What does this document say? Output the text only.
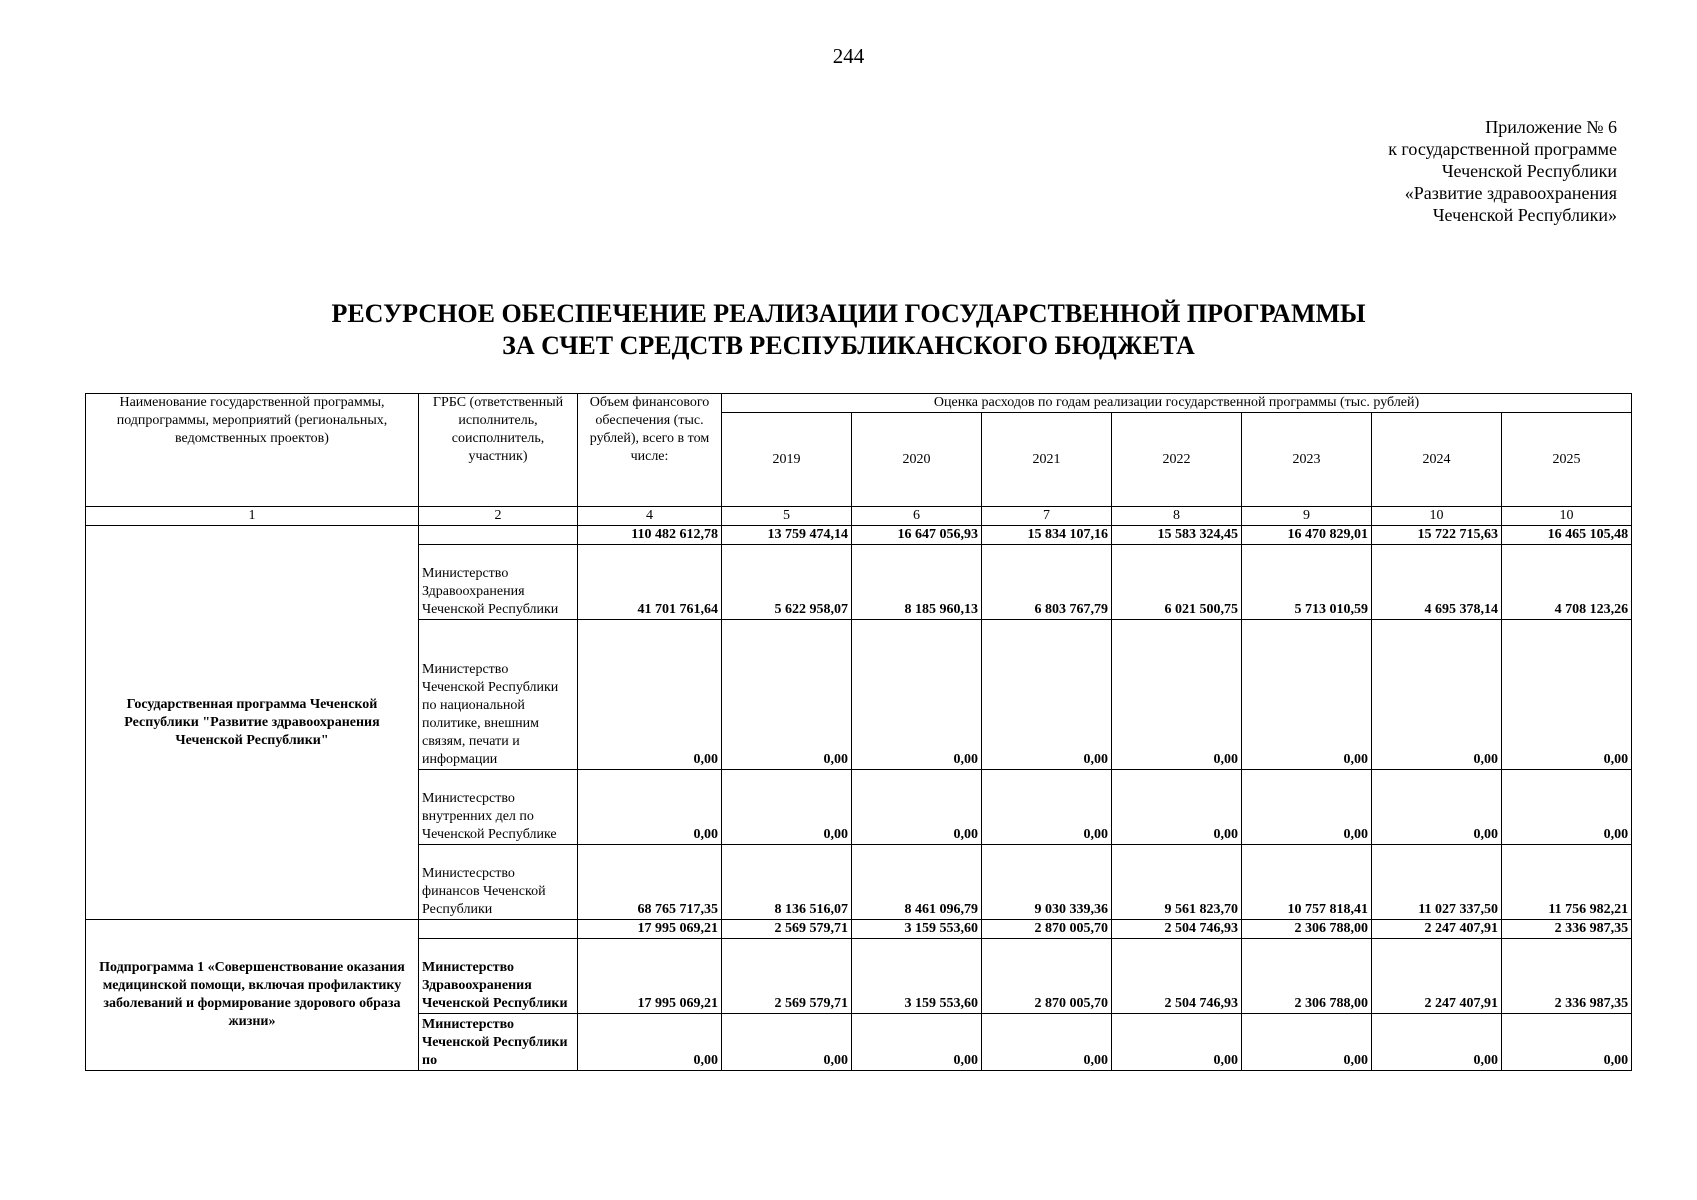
244
Приложение № 6
к государственной программе
Чеченской Республики
«Развитие здравоохранения
Чеченской Республики»
РЕСУРСНОЕ ОБЕСПЕЧЕНИЕ РЕАЛИЗАЦИИ ГОСУДАРСТВЕННОЙ ПРОГРАММЫ
ЗА СЧЕТ СРЕДСТВ РЕСПУБЛИКАНСКОГО БЮДЖЕТА
Наименование государственной программы, подпрограммы, мероприятий (региональных, ведомственных проектов)	ГРБС (ответственный исполнитель, соисполнитель, участник)	Объем финансового обеспечения (тыс. рублей), всего в том числе:	Оценка расходов по годам реализации государственной программы (тыс. рублей)						
			2019	2020	2021	2022	2023	2024	2025
1	2	4	5	6	7	8	9	10	10
Государственная программа Чеченской Республики "Развитие здравоохранения Чеченской Республики"		110 482 612,78	13 759 474,14	16 647 056,93	15 834 107,16	15 583 324,45	16 470 829,01	15 722 715,63	16 465 105,48
	Министерство Здравоохранения Чеченской Республики	41 701 761,64	5 622 958,07	8 185 960,13	6 803 767,79	6 021 500,75	5 713 010,59	4 695 378,14	4 708 123,26
	Министерство Чеченской Республики по национальной политике, внешним связям, печати и информации	0,00	0,00	0,00	0,00	0,00	0,00	0,00	0,00
	Министесрство внутренних дел по Чеченской Республике	0,00	0,00	0,00	0,00	0,00	0,00	0,00	0,00
	Министесрство финансов Чеченской Республики	68 765 717,35	8 136 516,07	8 461 096,79	9 030 339,36	9 561 823,70	10 757 818,41	11 027 337,50	11 756 982,21
Подпрограмма 1 «Совершенствование оказания медицинской помощи, включая профилактику заболеваний и формирование здорового образа жизни»		17 995 069,21	2 569 579,71	3 159 553,60	2 870 005,70	2 504 746,93	2 306 788,00	2 247 407,91	2 336 987,35
	Министерство Здравоохранения Чеченской Республики	17 995 069,21	2 569 579,71	3 159 553,60	2 870 005,70	2 504 746,93	2 306 788,00	2 247 407,91	2 336 987,35
	Министерство Чеченской Республики по	0,00	0,00	0,00	0,00	0,00	0,00	0,00	0,00
